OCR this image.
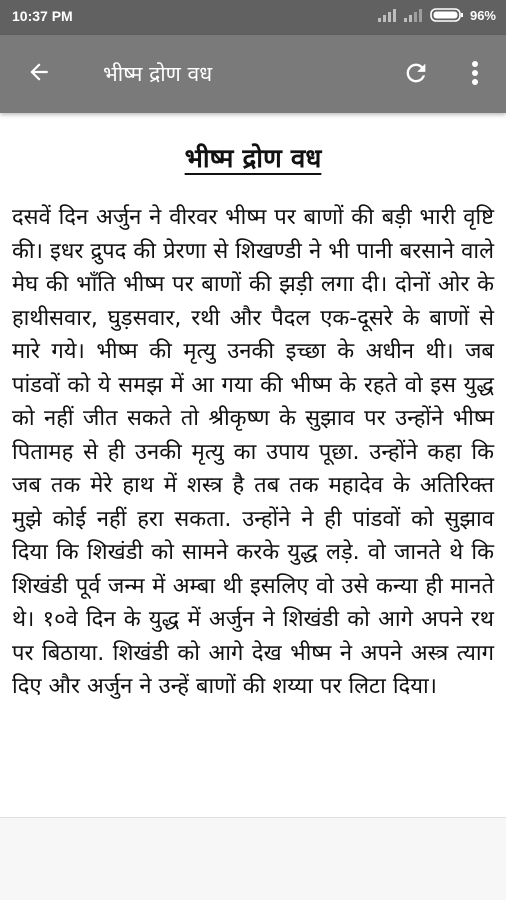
10:37 PM	96%
भीष्म द्रोण वध
भीष्म द्रोण वध

दसवें दिन अर्जुन ने वीरवर भीष्म पर बाणों की बड़ी भारी वृष्टि की। इधर द्रुपद की प्रेरणा से शिखण्डी ने भी पानी बरसाने वाले मेघ की भाँति भीष्म पर बाणों की झड़ी लगा दी। दोनों ओर के हाथीसवार, घुड़सवार, रथी और पैदल एक-दूसरे के बाणों से मारे गये। भीष्म की मृत्यु उनकी इच्छा के अधीन थी। जब पांडवों को ये समझ में आ गया की भीष्म के रहते वो इस युद्ध को नहीं जीत सकते तो श्रीकृष्ण के सुझाव पर उन्होंने भीष्म पितामह से ही उनकी मृत्यु का उपाय पूछा. उन्होंने कहा कि जब तक मेरे हाथ में शस्त्र है तब तक महादेव के अतिरिक्त मुझे कोई नहीं हरा सकता. उन्होंने ने ही पांडवों को सुझाव दिया कि शिखंडी को सामने करके युद्ध लड़े. वो जानते थे कि शिखंडी पूर्व जन्म में अम्बा थी इसलिए वो उसे कन्या ही मानते थे। १०वे दिन के युद्ध में अर्जुन ने शिखंडी को आगे अपने रथ पर बिठाया. शिखंडी को आगे देख भीष्म ने अपने अस्त्र त्याग दिए और अर्जुन ने उन्हें बाणों की शय्या पर लिटा दिया।
